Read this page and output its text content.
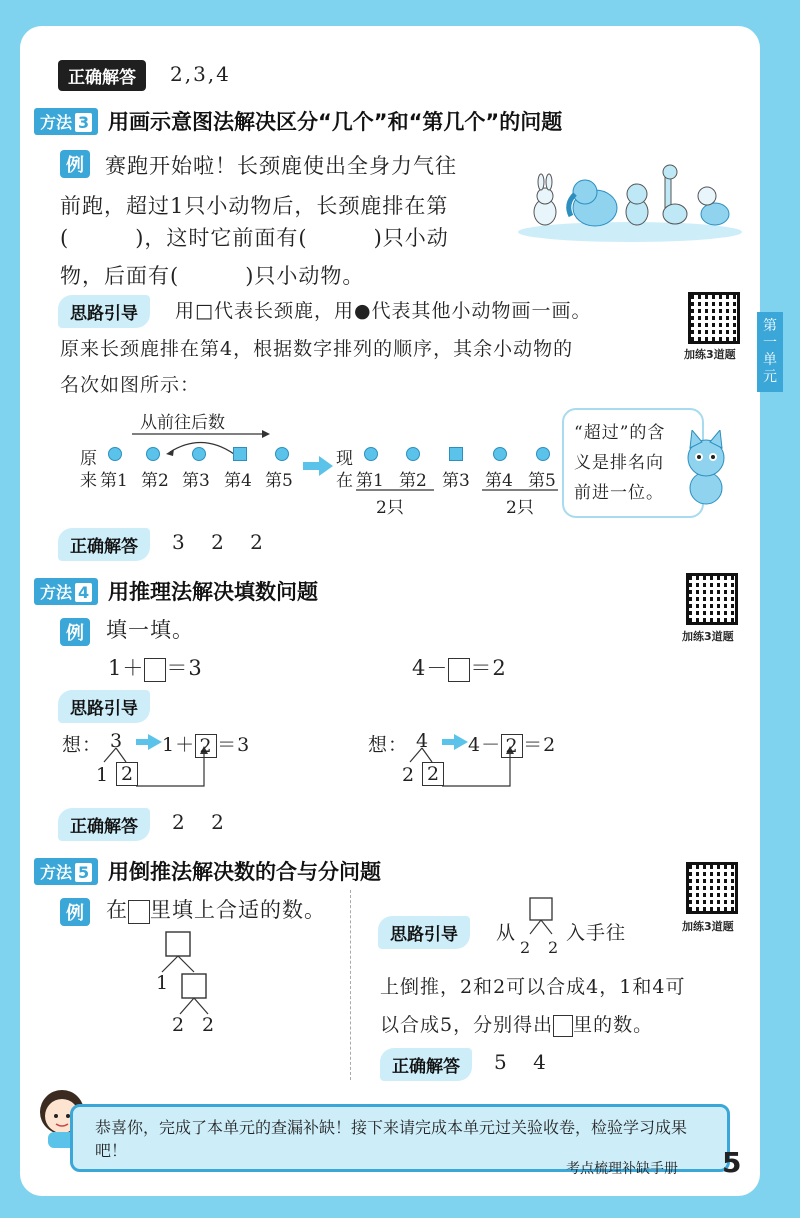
正确解答	2,3,4
方法 3 用画示意图法解决区分“几个”和“第几个”的问题
例 赛跑开始啦！长颈鹿使出全身力气往
前跑，超过1只小动物后，长颈鹿排在第
(　　　)，这时它前面有(　　　)只小动
物，后面有(　　　)只小动物。
思路引导	用□代表长颈鹿，用●代表其他小动物画一画。
原来长颈鹿排在第4，根据数字排列的顺序，其余小动物的
名次如图所示：
加练3道题
第一单元
从前往后数
原
来 第1 第2 第3 第4 第5
现
在 第1 第2 第3 第4 第5
2只	2只
“超过”的含
义是排名向
前进一位。
正确解答	3 2 2
方法 4 用推理法解决填数问题
加练3道题
例 填一填。
1＋ ＝3	4－ ＝2
思路引导
想： 3
1 2
1＋ 2 ＝3	想： 4
2 2
4－ 2 ＝2
正确解答	2 2
方法 5 用倒推法解决数的合与分问题
加练3道题
例 在 里填上合适的数。
1
2 2
思路引导	从
2 2
入手往
上倒推，2和2可以合成4，1和4可
以合成5，分别得出 里的数。
正确解答	5 4
恭喜你，完成了本单元的查漏补缺！接下来请完成本单元过关验收卷，检验学习成果吧！
考点梳理补缺手册 5
